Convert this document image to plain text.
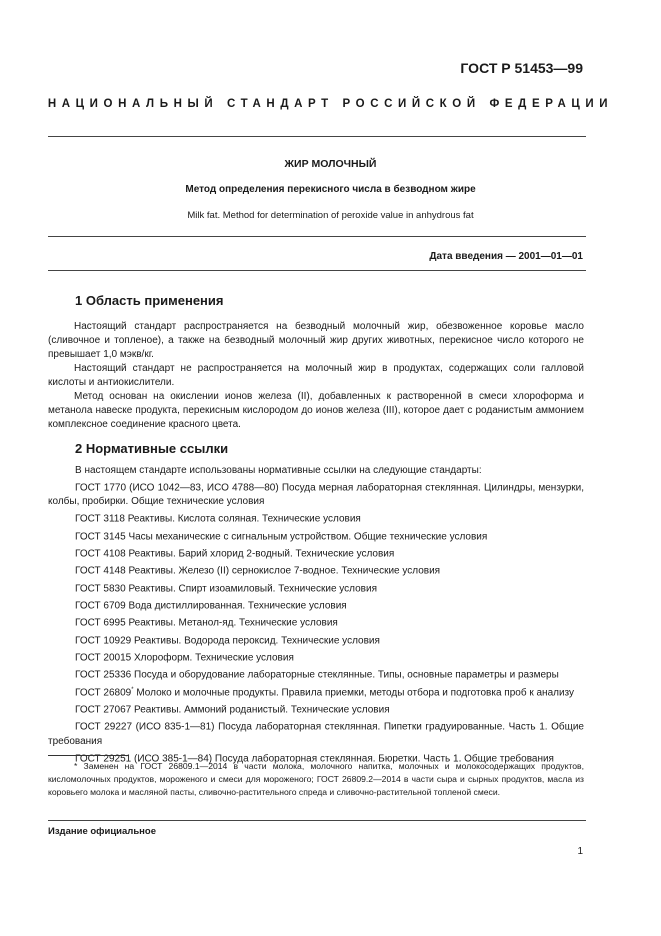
ГОСТ Р 51453—99
НАЦИОНАЛЬНЫЙ СТАНДАРТ РОССИЙСКОЙ ФЕДЕРАЦИИ
ЖИР МОЛОЧНЫЙ
Метод определения перекисного числа в безводном жире
Milk fat. Method for determination of peroxide value in anhydrous fat
Дата введения — 2001—01—01
1 Область применения

Настоящий стандарт распространяется на безводный молочный жир, обезвоженное коровье масло (сливочное и топленое), а также на безводный молочный жир других животных, перекисное число которого не превышает 1,0 мэкв/кг.

Настоящий стандарт не распространяется на молочный жир в продуктах, содержащих соли галловой кислоты и антиокислители.

Метод основан на окислении ионов железа (II), добавленных к растворенной в смеси хлороформа и метанола навеске продукта, перекисным кислородом до ионов железа (III), которое дает с роданистым аммонием комплексное соединение красного цвета.

2 Нормативные ссылки

В настоящем стандарте использованы нормативные ссылки на следующие стандарты:

ГОСТ 1770 (ИСО 1042—83, ИСО 4788—80) Посуда мерная лабораторная стеклянная. Цилиндры, мензурки, колбы, пробирки. Общие технические условия

ГОСТ 3118 Реактивы. Кислота соляная. Технические условия

ГОСТ 3145 Часы механические с сигнальным устройством. Общие технические условия

ГОСТ 4108 Реактивы. Барий хлорид 2-водный. Технические условия

ГОСТ 4148 Реактивы. Железо (II) сернокислое 7-водное. Технические условия

ГОСТ 5830 Реактивы. Спирт изоамиловый. Технические условия

ГОСТ 6709 Вода дистиллированная. Технические условия

ГОСТ 6995 Реактивы. Метанол-яд. Технические условия

ГОСТ 10929 Реактивы. Водорода пероксид. Технические условия

ГОСТ 20015 Хлороформ. Технические условия

ГОСТ 25336 Посуда и оборудование лабораторные стеклянные. Типы, основные параметры и размеры

ГОСТ 26809* Молоко и молочные продукты. Правила приемки, методы отбора и подготовка проб к анализу

ГОСТ 27067 Реактивы. Аммоний роданистый. Технические условия

ГОСТ 29227 (ИСО 835-1—81) Посуда лабораторная стеклянная. Пипетки градуированные. Часть 1. Общие требования

ГОСТ 29251 (ИСО 385-1—84) Посуда лабораторная стеклянная. Бюретки. Часть 1. Общие требования

* Заменен на ГОСТ 26809.1—2014 в части молока, молочного напитка, молочных и молокосодержащих продуктов, кисломолочных продуктов, мороженого и смеси для мороженого; ГОСТ 26809.2—2014 в части сыра и сырных продуктов, масла из коровьего молока и масляной пасты, сливочно-растительного спреда и сливочно-растительной топленой смеси.
Издание официальное
1
